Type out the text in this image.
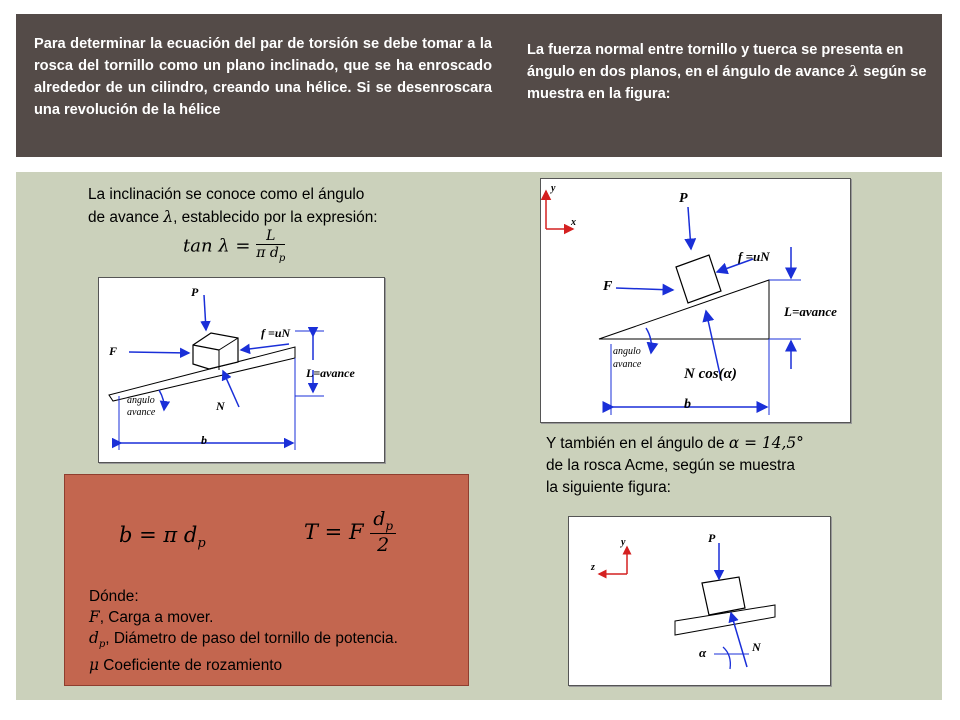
Para determinar la ecuación del par de torsión se debe tomar a la rosca del tornillo como un plano inclinado, que se ha enroscado alrededor de un cilindro, creando una hélice. Si se desenroscara una revolución de la hélice
La fuerza normal entre tornillo y tuerca se presenta en ángulo en dos planos, en el ángulo de avance λ según se muestra en la figura:
La inclinación se conoce como el ángulo
de avance λ, establecido por la expresión:
$\tan \lambda = \frac{L}{\pi d_p}$
P
F
f =uN
L=avance
angulo
avance	N
b
y
x
P
F
f =uN
L=avance
angulo
avance
N cos(α)
b
Y también en el ángulo de α = 14,5°
de la rosca Acme, según se muestra
la siguiente figura:
y
z
P
N
α
b = π $d_p$	T = F $\frac{d_p}{2}$
Dónde:
F, Carga a mover.
$d_p$, Diámetro de paso del tornillo de potencia.
μ Coeficiente de rozamiento
